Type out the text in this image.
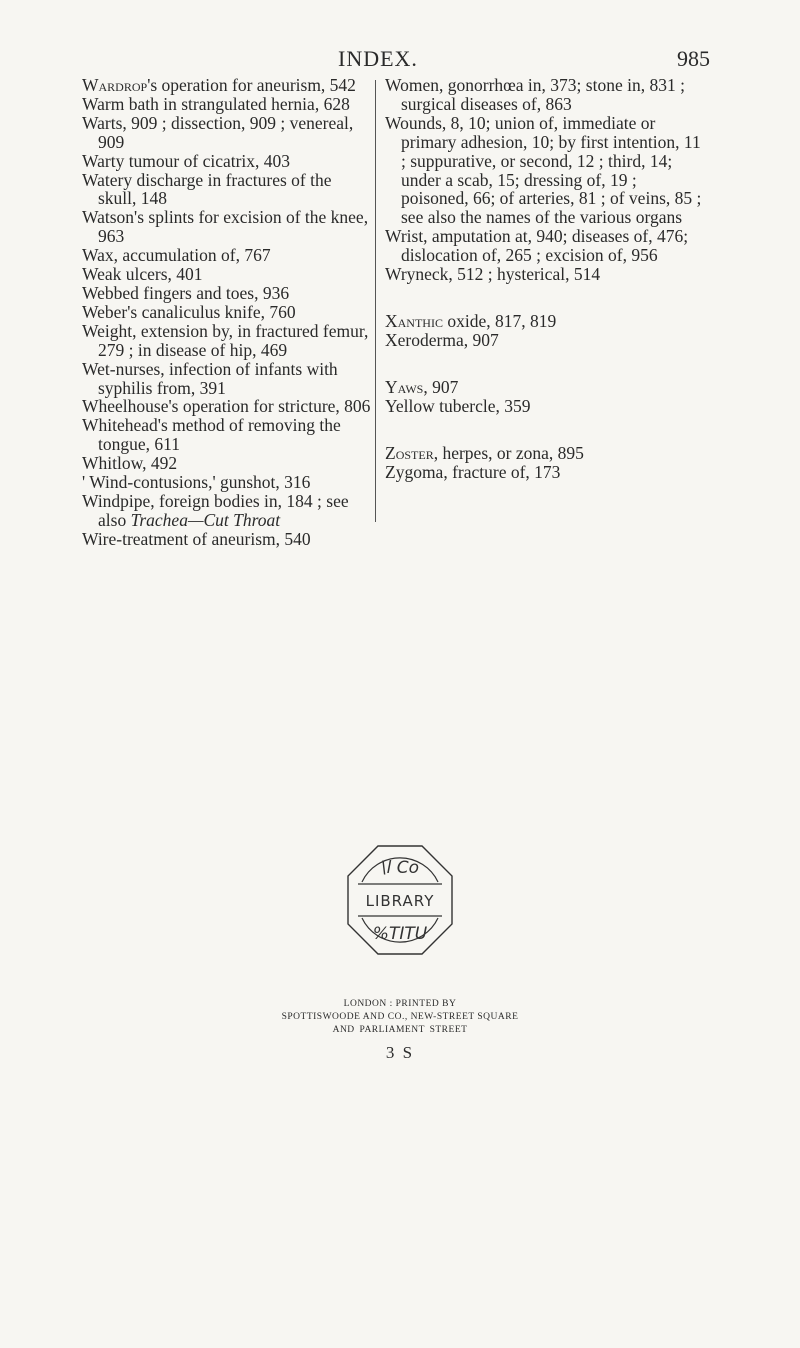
INDEX.	985

Wardrop's operation for aneurism, 542

Warm bath in strangulated hernia, 628

Warts, 909 ; dissection, 909 ; venereal, 909

Warty tumour of cicatrix, 403

Watery discharge in fractures of the skull, 148

Watson's splints for excision of the knee, 963

Wax, accumulation of, 767

Weak ulcers, 401

Webbed fingers and toes, 936

Weber's canaliculus knife, 760

Weight, extension by, in fractured femur, 279 ; in disease of hip, 469

Wet-nurses, infection of infants with syphilis from, 391

Wheelhouse's operation for stricture, 806

Whitehead's method of removing the tongue, 611

Whitlow, 492

' Wind-contusions,' gunshot, 316

Windpipe, foreign bodies in, 184 ; see also Trachea—Cut Throat

Wire-treatment of aneurism, 540

Women, gonorrhœa in, 373; stone in, 831 ; surgical diseases of, 863

Wounds, 8, 10; union of, immediate or primary adhesion, 10; by first intention, 11 ; suppurative, or second, 12 ; third, 14; under a scab, 15; dressing of, 19 ; poisoned, 66; of arteries, 81 ; of veins, 85 ; see also the names of the various organs

Wrist, amputation at, 940; diseases of, 476; dislocation of, 265 ; excision of, 956

Wryneck, 512 ; hysterical, 514

Xanthic oxide, 817, 819

Xeroderma, 907

Yaws, 907

Yellow tubercle, 359

Zoster, herpes, or zona, 895

Zygoma, fracture of, 173

\l Co
LIBRARY
%TITU
LONDON : PRINTED BY
SPOTTISWOODE AND CO., NEW-STREET SQUARE
AND PARLIAMENT STREET
3 S
